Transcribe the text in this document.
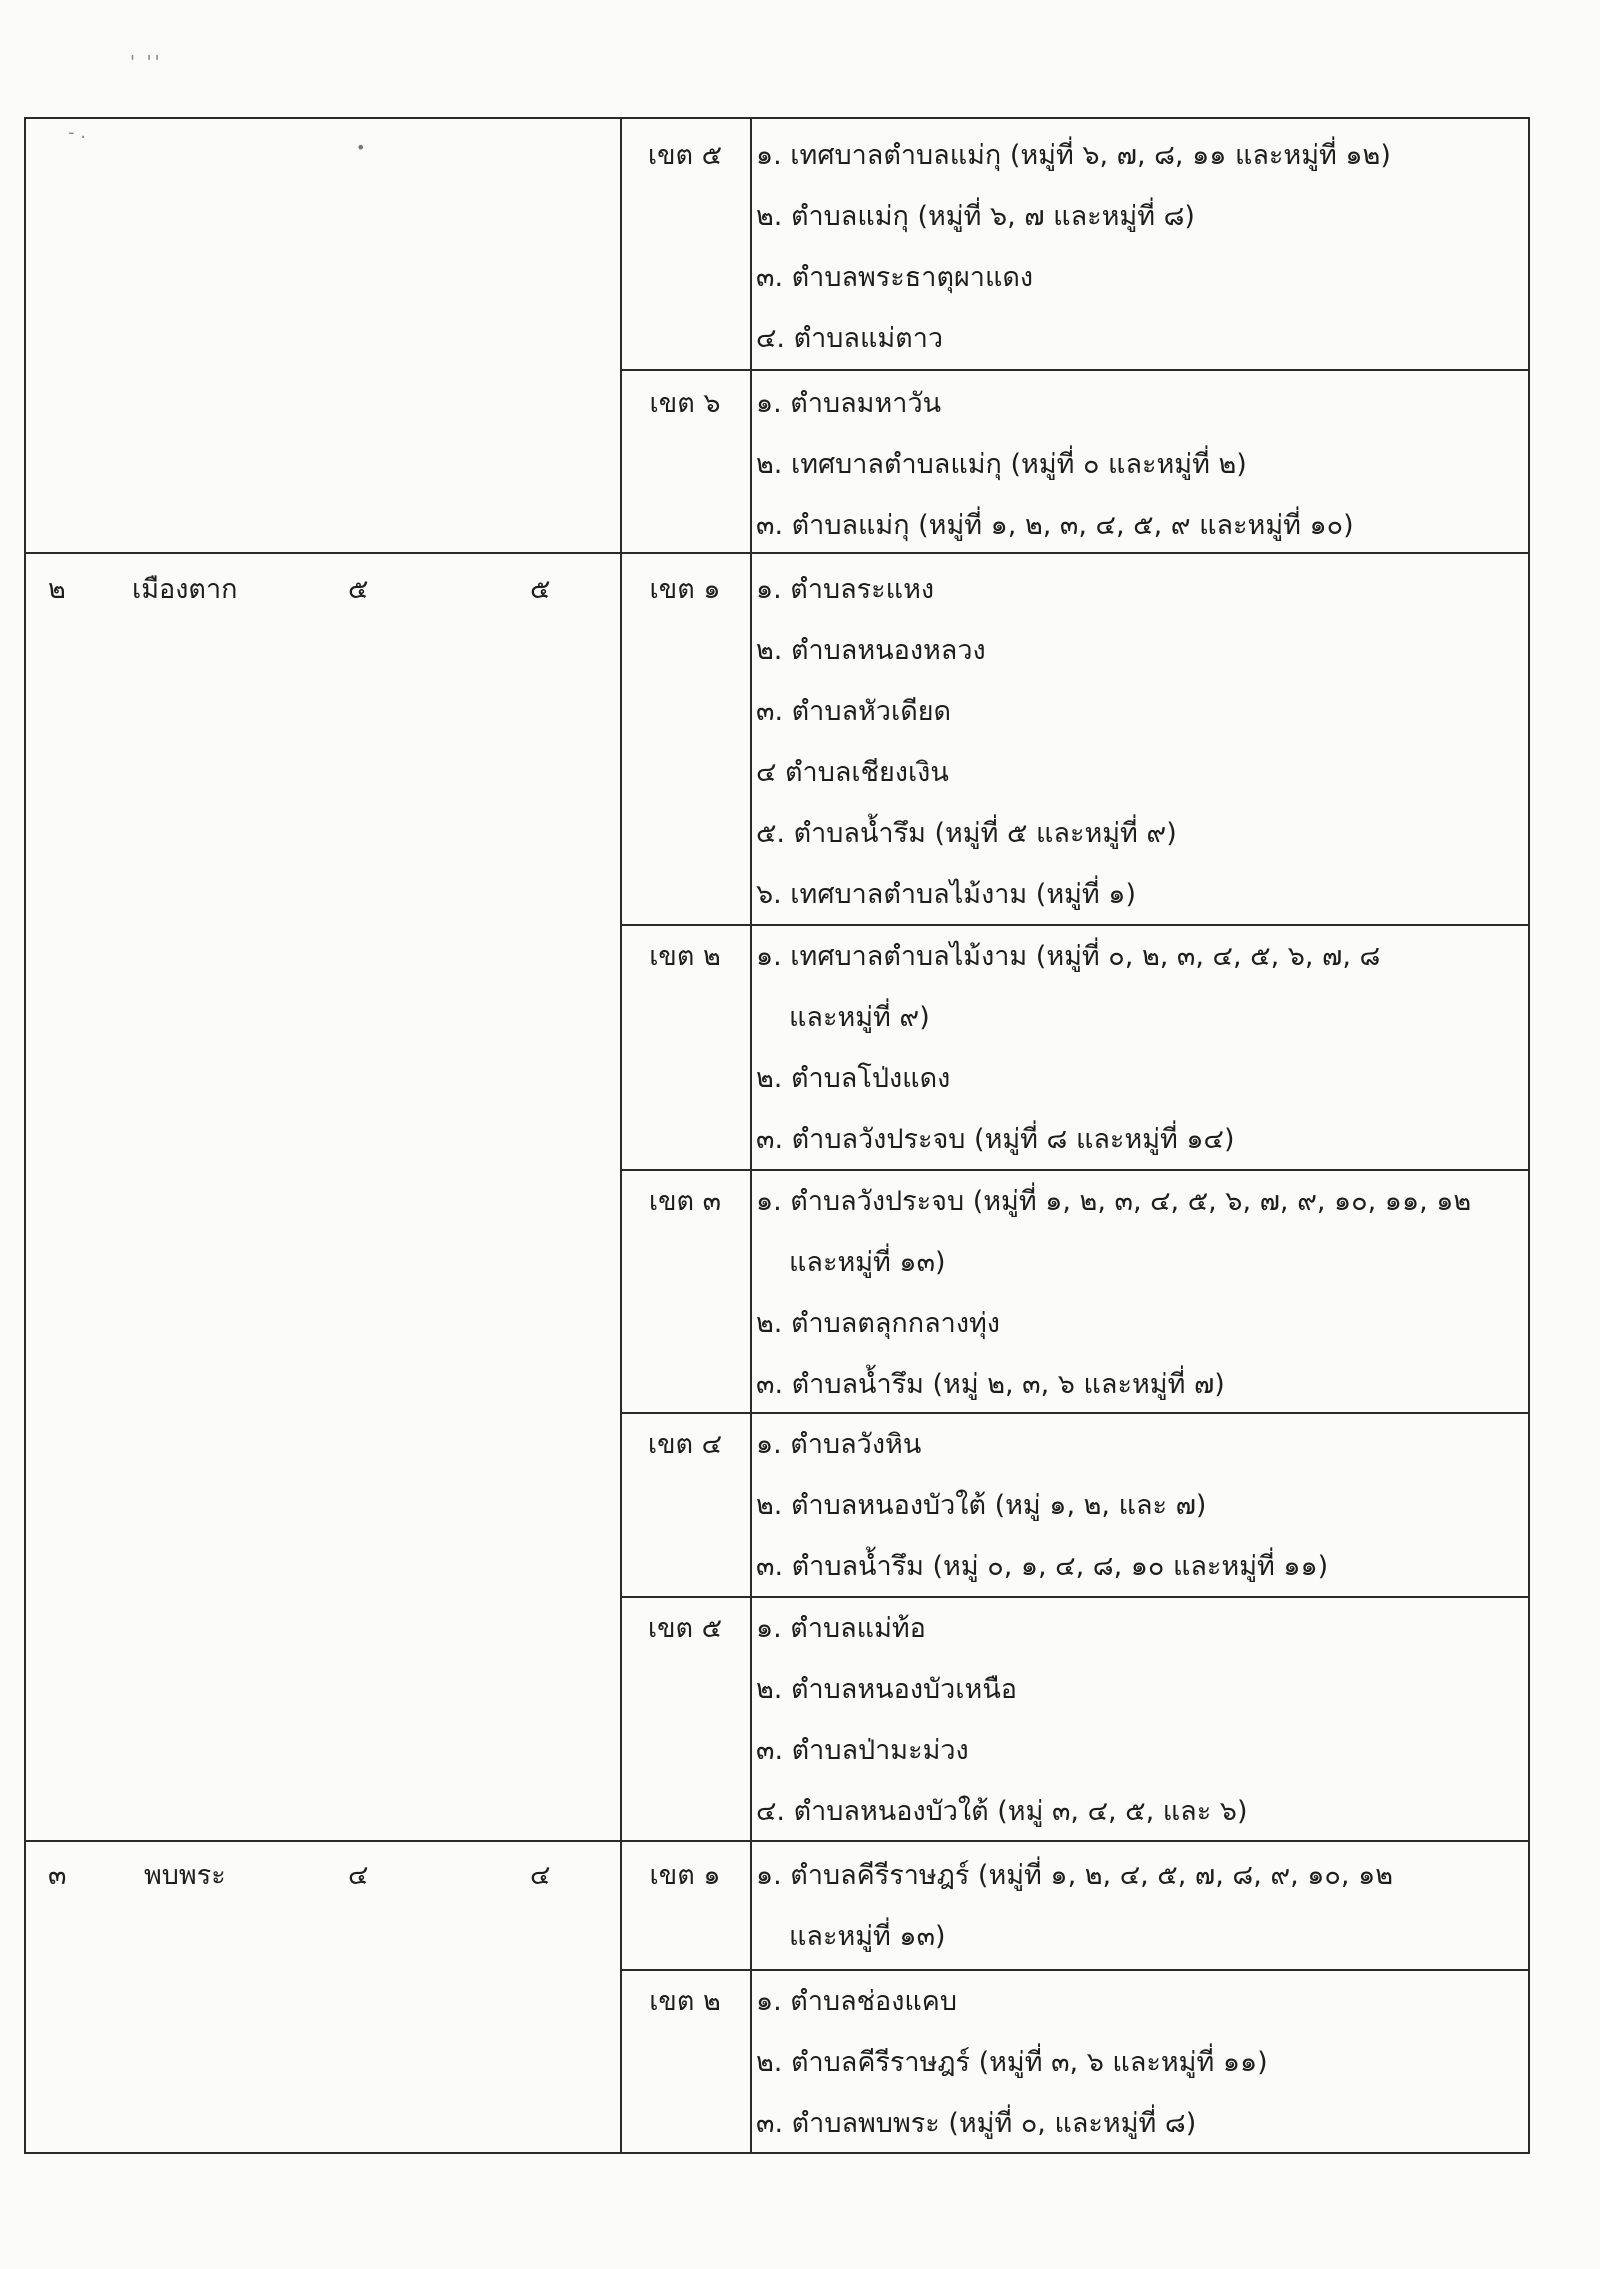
' ''
- .
•	เขต ๕	๑. เทศบาลตำบลแม่กุ (หมู่ที่ ๖, ๗, ๘, ๑๑ และหมู่ที่ ๑๒)
๒. ตำบลแม่กุ (หมู่ที่ ๖, ๗ และหมู่ที่ ๘)
๓. ตำบลพระธาตุผาแดง
๔. ตำบลแม่ตาว
เขต ๖	๑. ตำบลมหาวัน
๒. เทศบาลตำบลแม่กุ (หมู่ที่ ๐ และหมู่ที่ ๒)
๓. ตำบลแม่กุ (หมู่ที่ ๑, ๒, ๓, ๔, ๕, ๙ และหมู่ที่ ๑๐)
๒ เมืองตาก	๕	๕	เขต ๑	๑. ตำบลระแหง
๒. ตำบลหนองหลวง
๓. ตำบลหัวเดียด
๔ ตำบลเชียงเงิน
๕. ตำบลน้ำรึม (หมู่ที่ ๕ และหมู่ที่ ๙)
๖. เทศบาลตำบลไม้งาม (หมู่ที่ ๑)
เขต ๒	๑. เทศบาลตำบลไม้งาม (หมู่ที่ ๐, ๒, ๓, ๔, ๕, ๖, ๗, ๘
และหมู่ที่ ๙)
๒. ตำบลโป่งแดง
๓. ตำบลวังประจบ (หมู่ที่ ๘ และหมู่ที่ ๑๔)
เขต ๓	๑. ตำบลวังประจบ (หมู่ที่ ๑, ๒, ๓, ๔, ๕, ๖, ๗, ๙, ๑๐, ๑๑, ๑๒
และหมู่ที่ ๑๓)
๒. ตำบลตลุกกลางทุ่ง
๓. ตำบลน้ำรึม (หมู่ ๒, ๓, ๖ และหมู่ที่ ๗)
เขต ๔	๑. ตำบลวังหิน
๒. ตำบลหนองบัวใต้ (หมู่ ๑, ๒, และ ๗)
๓. ตำบลน้ำรึม (หมู่ ๐, ๑, ๔, ๘, ๑๐ และหมู่ที่ ๑๑)
เขต ๕	๑. ตำบลแม่ท้อ
๒. ตำบลหนองบัวเหนือ
๓. ตำบลป่ามะม่วง
๔. ตำบลหนองบัวใต้ (หมู่ ๓, ๔, ๕, และ ๖)
๓	พบพระ	๔	๔	เขต ๑	๑. ตำบลคีรีราษฎร์ (หมู่ที่ ๑, ๒, ๔, ๕, ๗, ๘, ๙, ๑๐, ๑๒
และหมู่ที่ ๑๓)
เขต ๒	๑. ตำบลช่องแคบ
๒. ตำบลคีรีราษฎร์ (หมู่ที่ ๓, ๖ และหมู่ที่ ๑๑)
๓. ตำบลพบพระ (หมู่ที่ ๐, และหมู่ที่ ๘)
